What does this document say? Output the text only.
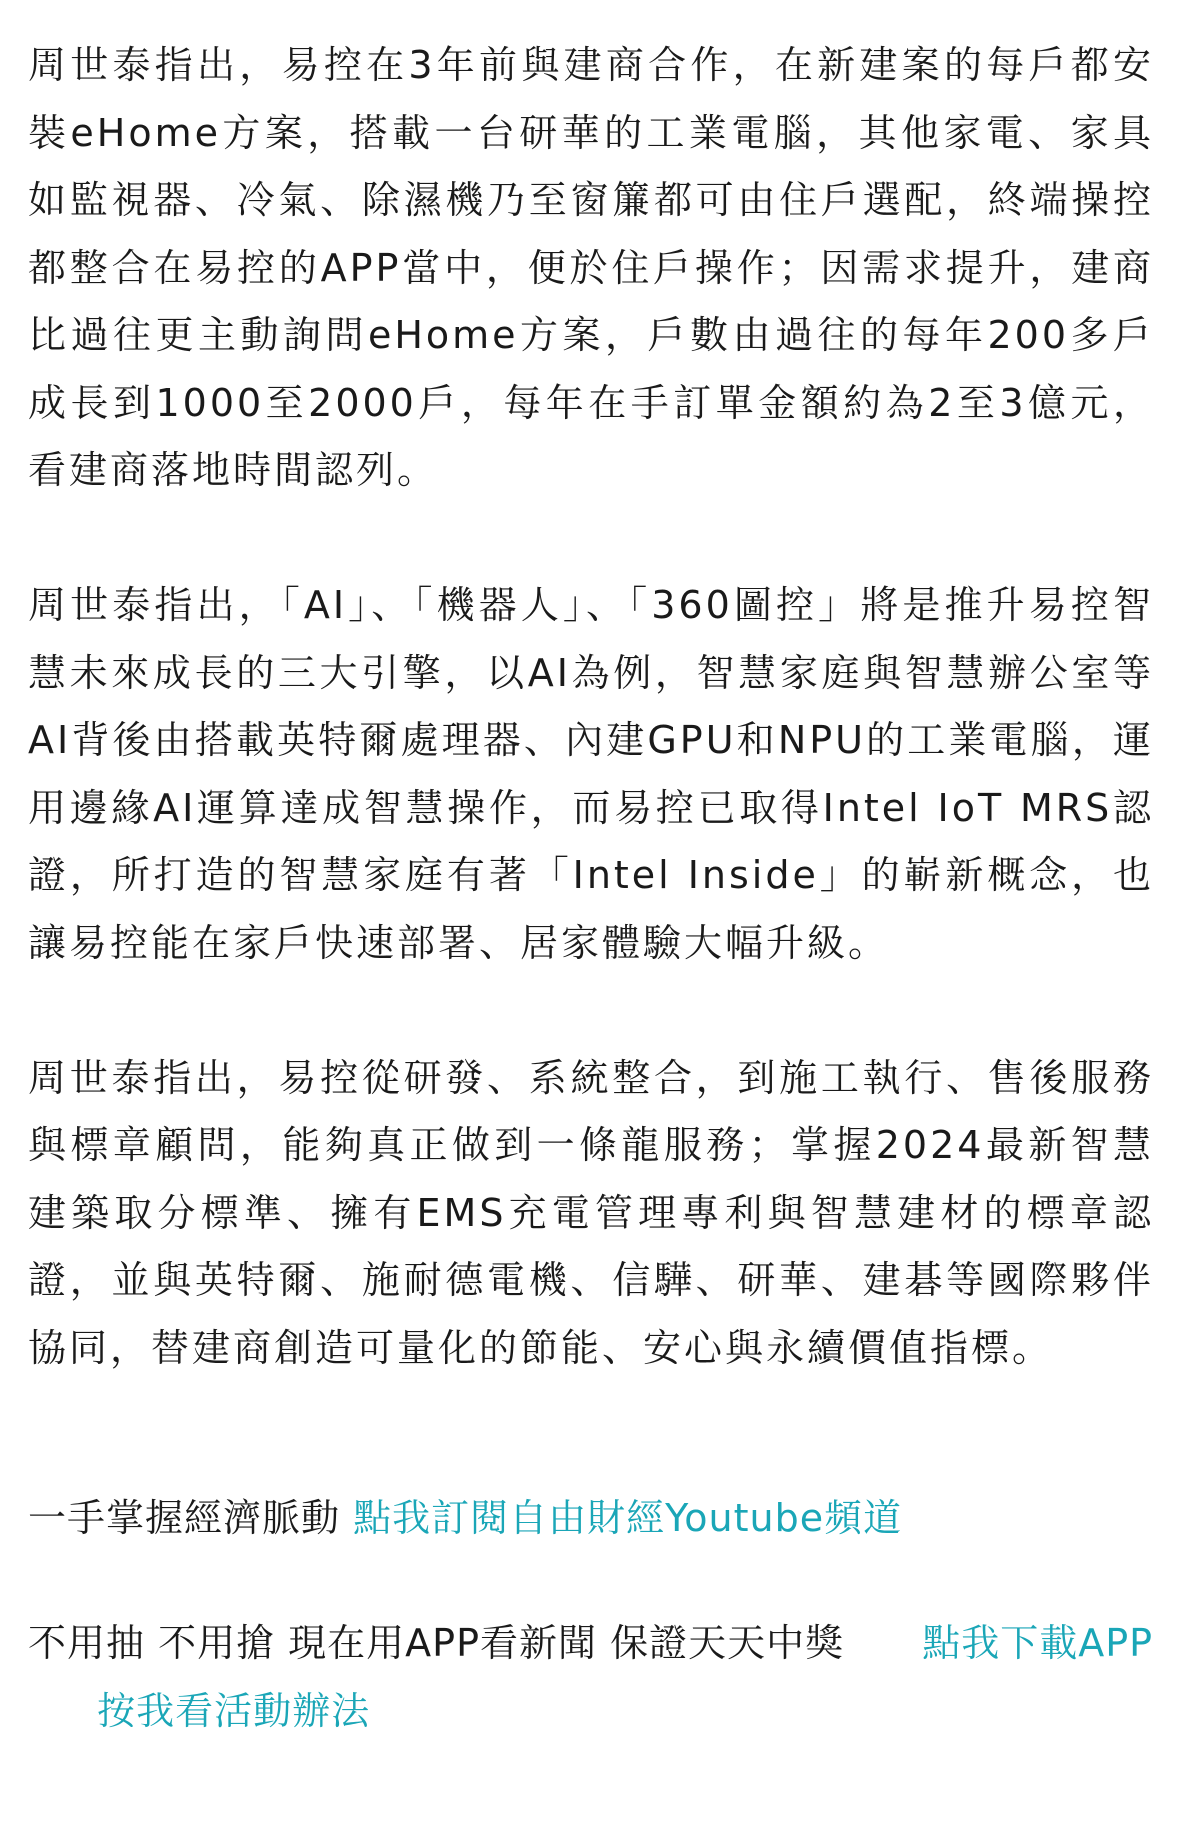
周世泰指出，易控在3年前與建商合作，在新建案的每戶都安裝eHome方案，搭載一台研華的工業電腦，其他家電、家具如監視器、冷氣、除濕機乃至窗簾都可由住戶選配，終端操控都整合在易控的APP當中，便於住戶操作；因需求提升，建商比過往更主動詢問eHome方案，戶數由過往的每年200多戶成長到1000至2000戶，每年在手訂單金額約為2至3億元，看建商落地時間認列。

周世泰指出，「AI」、「機器人」、「360圖控」將是推升易控智慧未來成長的三大引擎，以AI為例，智慧家庭與智慧辦公室等AI背後由搭載英特爾處理器、內建GPU和NPU的工業電腦，運用邊緣AI運算達成智慧操作，而易控已取得Intel IoT MRS認證，所打造的智慧家庭有著「Intel Inside」的嶄新概念，也讓易控能在家戶快速部署、居家體驗大幅升級。

周世泰指出，易控從研發、系統整合，到施工執行、售後服務與標章顧問，能夠真正做到一條龍服務；掌握2024最新智慧建築取分標準、擁有EMS充電管理專利與智慧建材的標章認證，並與英特爾、施耐德電機、信驊、研華、建碁等國際夥伴協同，替建商創造可量化的節能、安心與永續價值指標。

一手掌握經濟脈動 點我訂閱自由財經Youtube頻道

不用抽 不用搶 現在用APP看新聞 保證天天中獎 點我下載APP  按我看活動辦法
